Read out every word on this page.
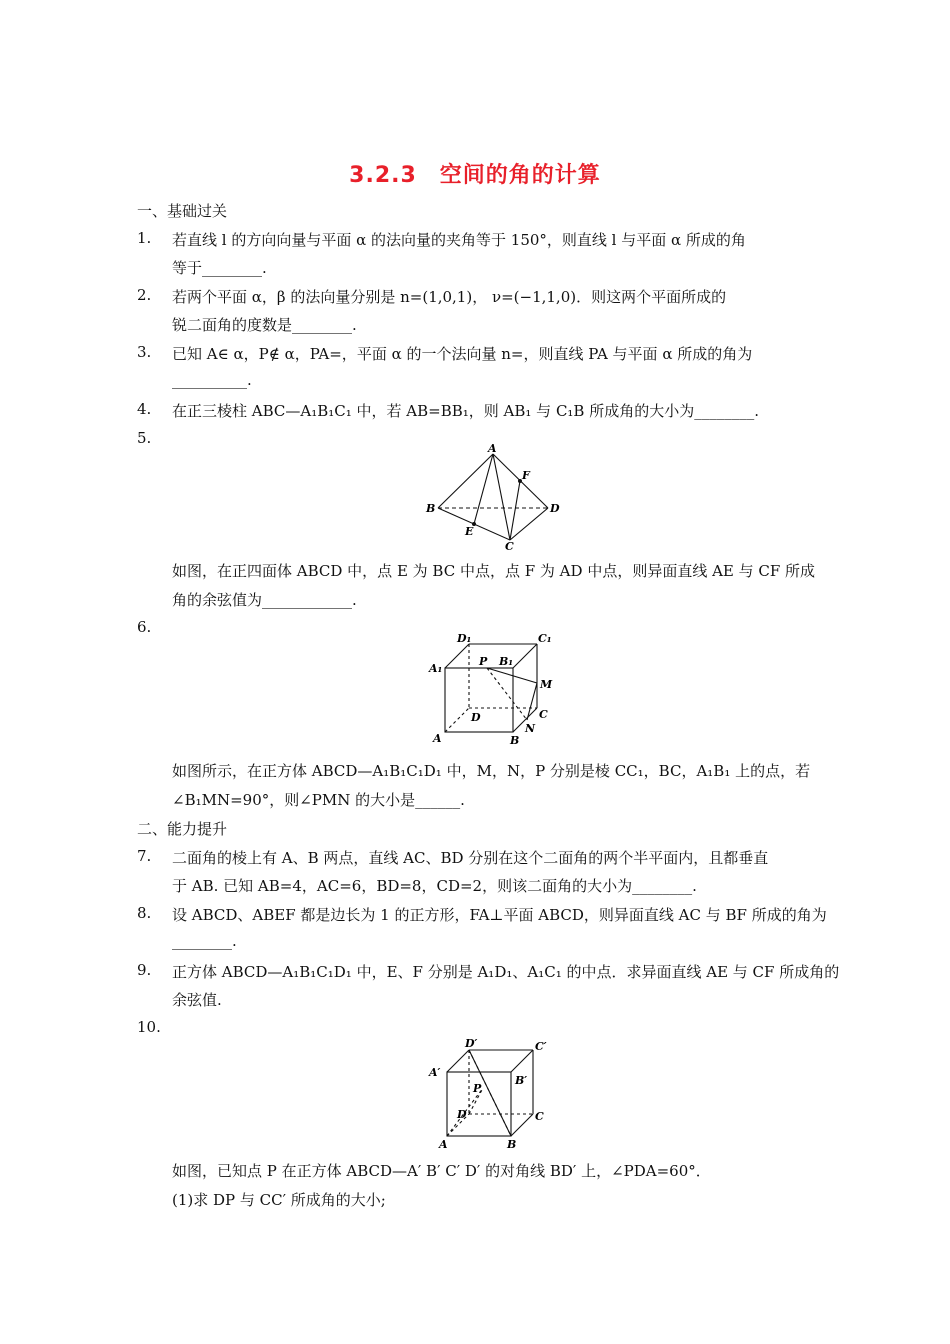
3.2.3　空间的角的计算
一、基础过关
1. 若直线 l 的方向向量与平面 α 的法向量的夹角等于 150°，则直线 l 与平面 α 所成的角
等于________.
2. 若两个平面 α，β 的法向量分别是 n=(1,0,1)， ν=(−1,1,0)．则这两个平面所成的
锐二面角的度数是________.
3. 已知 A∈ α，P∉ α，PA=，平面 α 的一个法向量 n=，则直线 PA 与平面 α 所成的角为
__________.
4. 在正三棱柱 ABC—A₁B₁C₁ 中，若 AB=BB₁，则 AB₁ 与 C₁B 所成角的大小为________.
5.
A
B
C
D
E
F
如图，在正四面体 ABCD 中，点 E 为 BC 中点，点 F 为 AD 中点，则异面直线 AE 与 CF 所成
角的余弦值为____________.
6.
D₁	C₁
A₁
P B₁
M
D	C
N
A	B
如图所示，在正方体 ABCD—A₁B₁C₁D₁ 中，M，N，P 分别是棱 CC₁，BC，A₁B₁ 上的点，若
∠B₁MN=90°，则∠PMN 的大小是______.
二、能力提升
7. 二面角的棱上有 A、B 两点，直线 AC、BD 分别在这个二面角的两个半平面内，且都垂直
于 AB. 已知 AB=4，AC=6，BD=8，CD=2，则该二面角的大小为________.
8. 设 ABCD、ABEF 都是边长为 1 的正方形，FA⊥平面 ABCD，则异面直线 AC 与 BF 所成的角为
________.
9. 正方体 ABCD—A₁B₁C₁D₁ 中，E、F 分别是 A₁D₁、A₁C₁ 的中点．求异面直线 AE 与 CF 所成角的
余弦值.
10.
D′	C′
A′
B′
P
D	C
A	B
如图，已知点 P 在正方体 ABCD—A′ B′ C′ D′ 的对角线 BD′ 上，∠PDA=60°．
(1)求 DP 与 CC′ 所成角的大小;
